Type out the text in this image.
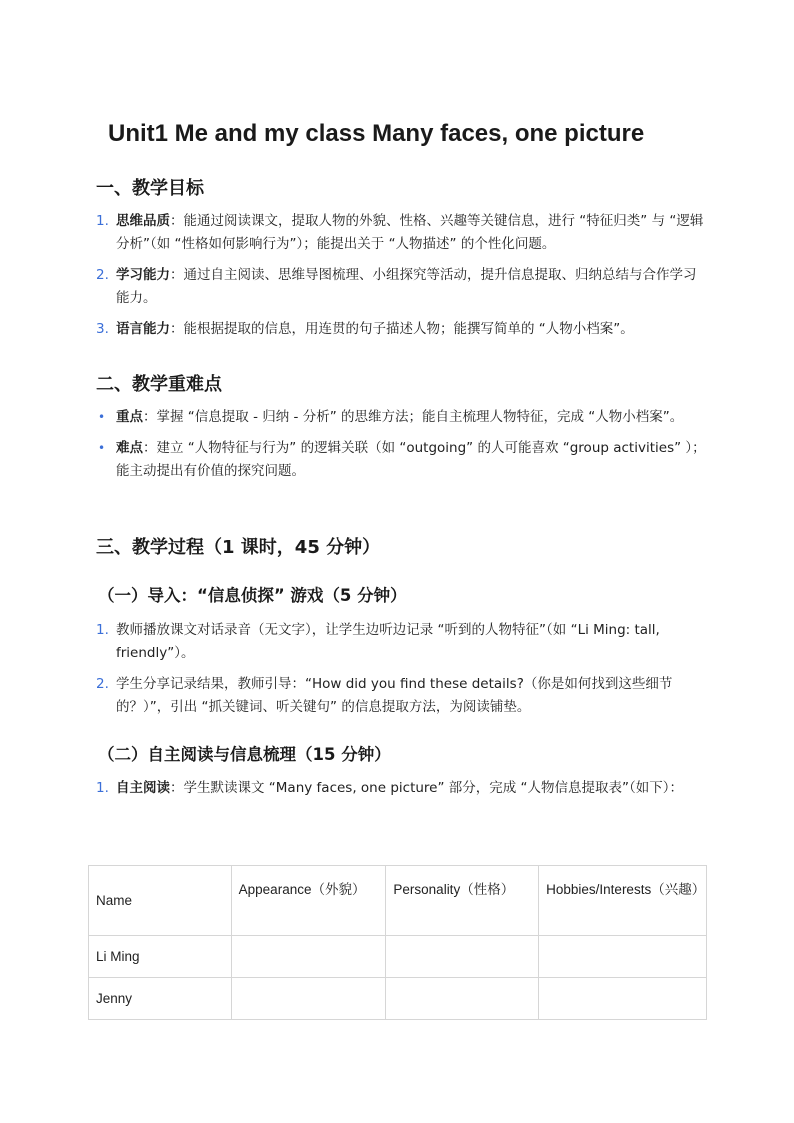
Unit1 Me and my class Many faces, one picture
一、教学目标
1. 思维品质：能通过阅读课文，提取人物的外貌、性格、兴趣等关键信息，进行 “特征归类” 与 “逻辑分析”（如 “性格如何影响行为”）；能提出关于 “人物描述” 的个性化问题。
2. 学习能力：通过自主阅读、思维导图梳理、小组探究等活动，提升信息提取、归纳总结与合作学习能力。
3. 语言能力：能根据提取的信息，用连贯的句子描述人物；能撰写简单的 “人物小档案”。
二、教学重难点
• 重点：掌握 “信息提取 - 归纳 - 分析” 的思维方法；能自主梳理人物特征，完成 “人物小档案”。
• 难点：建立 “人物特征与行为” 的逻辑关联（如 “outgoing” 的人可能喜欢 “group activities” ）；能主动提出有价值的探究问题。
三、教学过程（1 课时，45 分钟）
（一）导入：“信息侦探” 游戏（5 分钟）
1. 教师播放课文对话录音（无文字），让学生边听边记录 “听到的人物特征”（如 “Li Ming: tall, friendly”）。
2. 学生分享记录结果，教师引导：“How did you find these details?（你是如何找到这些细节的？）”，引出 “抓关键词、听关键句” 的信息提取方法，为阅读铺垫。
（二）自主阅读与信息梳理（15 分钟）
1. 自主阅读：学生默读课文 “Many faces, one picture” 部分，完成 “人物信息提取表”（如下）：
Name	Appearance（外貌）	Personality（性格）	Hobbies/Interests（兴趣）
Li Ming			
Jenny			
